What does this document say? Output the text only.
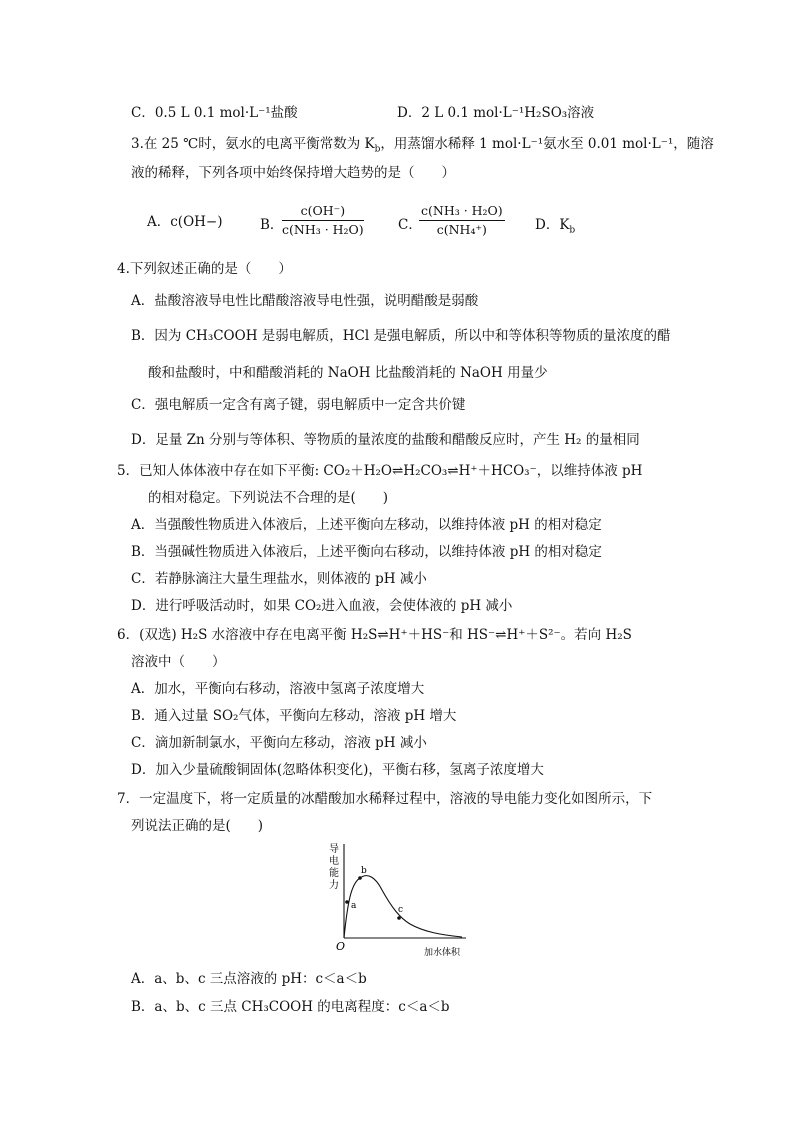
C．0.5 L 0.1 mol·L⁻¹盐酸	D．2 L 0.1 mol·L⁻¹H₂SO₃溶液
3.在 25 ℃时，氨水的电离平衡常数为 $K_b$，用蒸馏水稀释 1 mol·L⁻¹氨水至 0.01 mol·L⁻¹，随溶
液的稀释，下列各项中始终保持增大趋势的是（　　）
A．c(OH−)	B．
$\frac{c(OH^-)}{\text{c(NH₃ · H₂O)}}$	C．
$\frac{\text{c(NH₃ · H₂O)}}{\text{c(NH₄⁺)}}$ D．$K_b$
4.下列叙述正确的是（　　）
A．盐酸溶液导电性比醋酸溶液导电性强，说明醋酸是弱酸
B．因为 CH₃COOH 是弱电解质，HCl 是强电解质，所以中和等体积等物质的量浓度的醋
酸和盐酸时，中和醋酸消耗的 NaOH 比盐酸消耗的 NaOH 用量少
C．强电解质一定含有离子键，弱电解质中一定含共价键
D．足量 Zn 分别与等体积、等物质的量浓度的盐酸和醋酸反应时，产生 H₂ 的量相同
5．已知人体体液中存在如下平衡: CO₂＋H₂O⇌H₂CO₃⇌H⁺＋HCO₃⁻，以维持体液 pH
的相对稳定。下列说法不合理的是(　　)
A．当强酸性物质进入体液后，上述平衡向左移动，以维持体液 pH 的相对稳定
B．当强碱性物质进入体液后，上述平衡向右移动，以维持体液 pH 的相对稳定
C．若静脉滴注大量生理盐水，则体液的 pH 减小
D．进行呼吸活动时，如果 CO₂进入血液，会使体液的 pH 减小
6．(双选) H₂S 水溶液中存在电离平衡 H₂S⇌H⁺＋HS⁻和 HS⁻⇌H⁺＋S²⁻。若向 H₂S
溶液中（　　）
A．加水，平衡向右移动，溶液中氢离子浓度增大
B．通入过量 SO₂气体，平衡向左移动，溶液 pH 增大
C．滴加新制氯水，平衡向左移动，溶液 pH 减小
D．加入少量硫酸铜固体(忽略体积变化)，平衡右移，氢离子浓度增大
7．一定温度下，将一定质量的冰醋酸加水稀释过程中，溶液的导电能力变化如图所示，下
列说法正确的是(　　)
导
电
能
力
O	加水体积
a
b
c
A．a、b、c 三点溶液的 pH：c＜a＜b
B．a、b、c 三点 CH₃COOH 的电离程度：c＜a＜b
